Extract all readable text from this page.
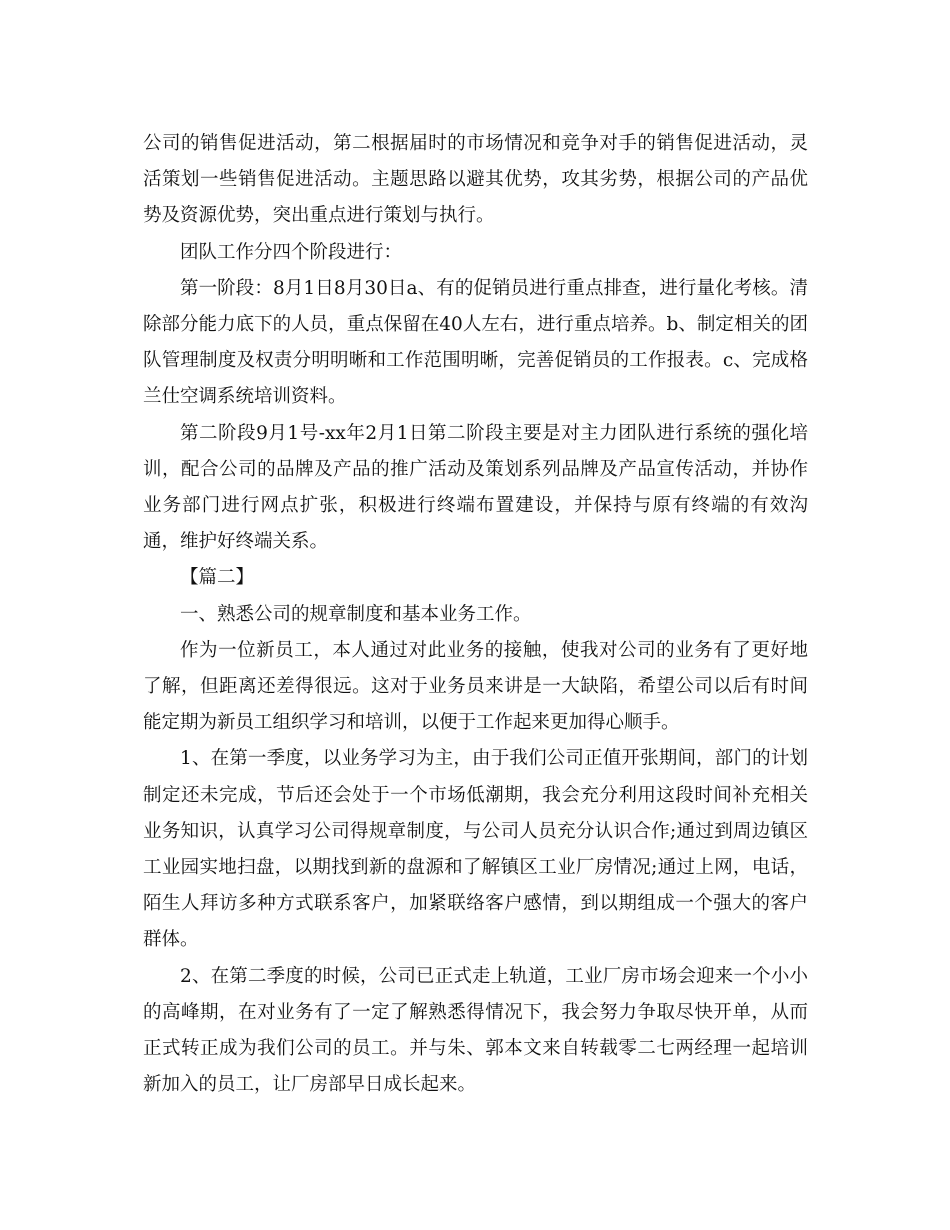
公司的销售促进活动，第二根据届时的市场情况和竞争对手的销售促进活动，灵活策划一些销售促进活动。主题思路以避其优势，攻其劣势，根据公司的产品优势及资源优势，突出重点进行策划与执行。

团队工作分四个阶段进行：

第一阶段：8月1日8月30日a、有的促销员进行重点排查，进行量化考核。清除部分能力底下的人员，重点保留在40人左右，进行重点培养。b、制定相关的团队管理制度及权责分明明晰和工作范围明晰，完善促销员的工作报表。c、完成格兰仕空调系统培训资料。

第二阶段9月1号-xx年2月1日第二阶段主要是对主力团队进行系统的强化培训，配合公司的品牌及产品的推广活动及策划系列品牌及产品宣传活动，并协作业务部门进行网点扩张，积极进行终端布置建设，并保持与原有终端的有效沟通，维护好终端关系。

【篇二】

一、熟悉公司的规章制度和基本业务工作。

作为一位新员工，本人通过对此业务的接触，使我对公司的业务有了更好地了解，但距离还差得很远。这对于业务员来讲是一大缺陷，希望公司以后有时间能定期为新员工组织学习和培训，以便于工作起来更加得心顺手。

1、在第一季度，以业务学习为主，由于我们公司正值开张期间，部门的计划制定还未完成，节后还会处于一个市场低潮期，我会充分利用这段时间补充相关业务知识，认真学习公司得规章制度，与公司人员充分认识合作;通过到周边镇区工业园实地扫盘，以期找到新的盘源和了解镇区工业厂房情况;通过上网，电话，陌生人拜访多种方式联系客户，加紧联络客户感情，到以期组成一个强大的客户群体。

2、在第二季度的时候，公司已正式走上轨道，工业厂房市场会迎来一个小小的高峰期，在对业务有了一定了解熟悉得情况下，我会努力争取尽快开单，从而正式转正成为我们公司的员工。并与朱、郭本文来自转载零二七两经理一起培训新加入的员工，让厂房部早日成长起来。
